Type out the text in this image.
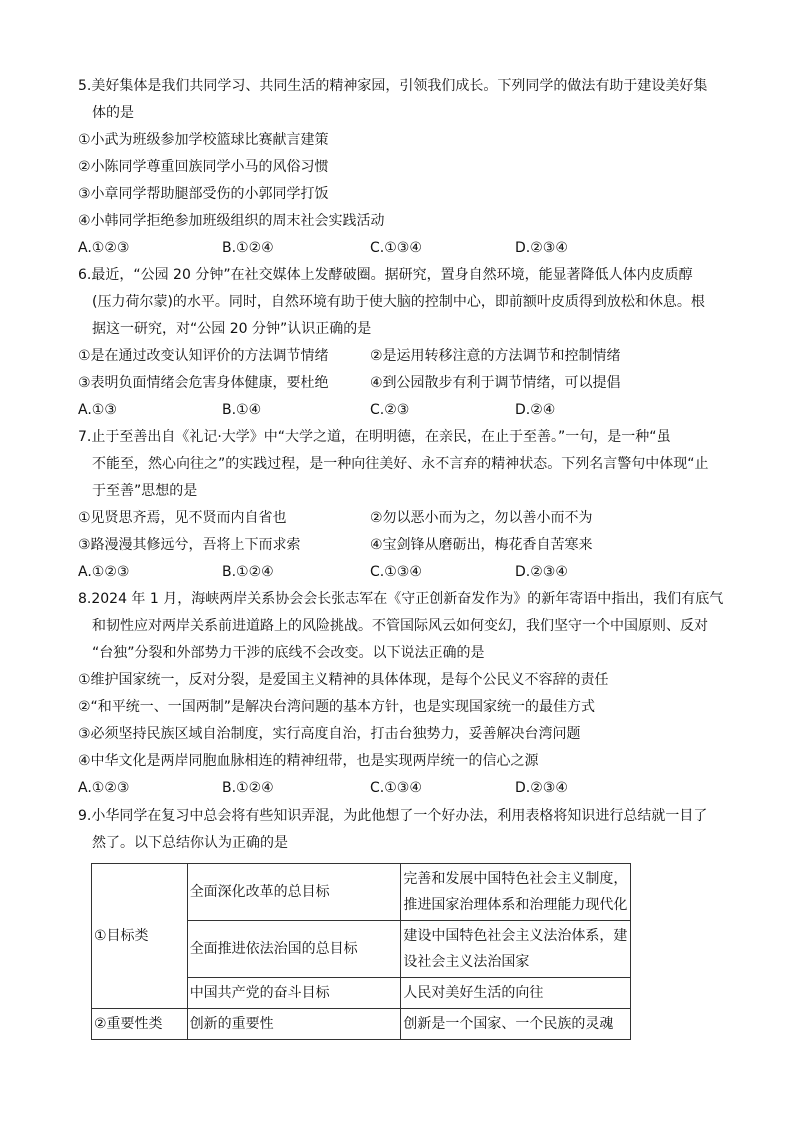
5.美好集体是我们共同学习、共同生活的精神家园，引领我们成长。下列同学的做法有助于建设美好集
体的是
①小武为班级参加学校篮球比赛献言建策
②小陈同学尊重回族同学小马的风俗习惯
③小章同学帮助腿部受伤的小郭同学打饭
④小韩同学拒绝参加班级组织的周末社会实践活动
A.①②③	B.①②④	C.①③④	D.②③④
6.最近，“公园 20 分钟”在社交媒体上发酵破圈。据研究，置身自然环境，能显著降低人体内皮质醇
(压力荷尔蒙)的水平。同时，自然环境有助于使大脑的控制中心，即前额叶皮质得到放松和休息。根
据这一研究，对“公园 20 分钟”认识正确的是
①是在通过改变认知评价的方法调节情绪	②是运用转移注意的方法调节和控制情绪
③表明负面情绪会危害身体健康，要杜绝	④到公园散步有利于调节情绪，可以提倡
A.①③	B.①④	C.②③	D.②④
7.止于至善出自《礼记·大学》中“大学之道，在明明德，在亲民，在止于至善。”一句，是一种“虽
不能至，然心向往之”的实践过程，是一种向往美好、永不言弃的精神状态。下列名言警句中体现“止
于至善”思想的是
①见贤思齐焉，见不贤而内自省也	②勿以恶小而为之，勿以善小而不为
③路漫漫其修远兮，吾将上下而求索	④宝剑锋从磨砺出，梅花香自苦寒来
A.①②③	B.①②④	C.①③④	D.②③④
8.2024 年 1 月，海峡两岸关系协会会长张志军在《守正创新奋发作为》的新年寄语中指出，我们有底气
和韧性应对两岸关系前进道路上的风险挑战。不管国际风云如何变幻，我们坚守一个中国原则、反对
“台独”分裂和外部势力干涉的底线不会改变。以下说法正确的是
①维护国家统一，反对分裂，是爱国主义精神的具体体现，是每个公民义不容辞的责任
②“和平统一、一国两制”是解决台湾问题的基本方针，也是实现国家统一的最佳方式
③必须坚持民族区域自治制度，实行高度自治，打击台独势力，妥善解决台湾问题
④中华文化是两岸同胞血脉相连的精神纽带，也是实现两岸统一的信心之源
A.①②③	B.①②④	C.①③④	D.②③④
9.小华同学在复习中总会将有些知识弄混，为此他想了一个好办法，利用表格将知识进行总结就一目了
然了。以下总结你认为正确的是
①目标类	全面深化改革的总目标	完善和发展中国特色社会主义制度，
推进国家治理体系和治理能力现代化
	全面推进依法治国的总目标	建设中国特色社会主义法治体系，建
设社会主义法治国家
	中国共产党的奋斗目标	人民对美好生活的向往
②重要性类	创新的重要性	创新是一个国家、一个民族的灵魂
